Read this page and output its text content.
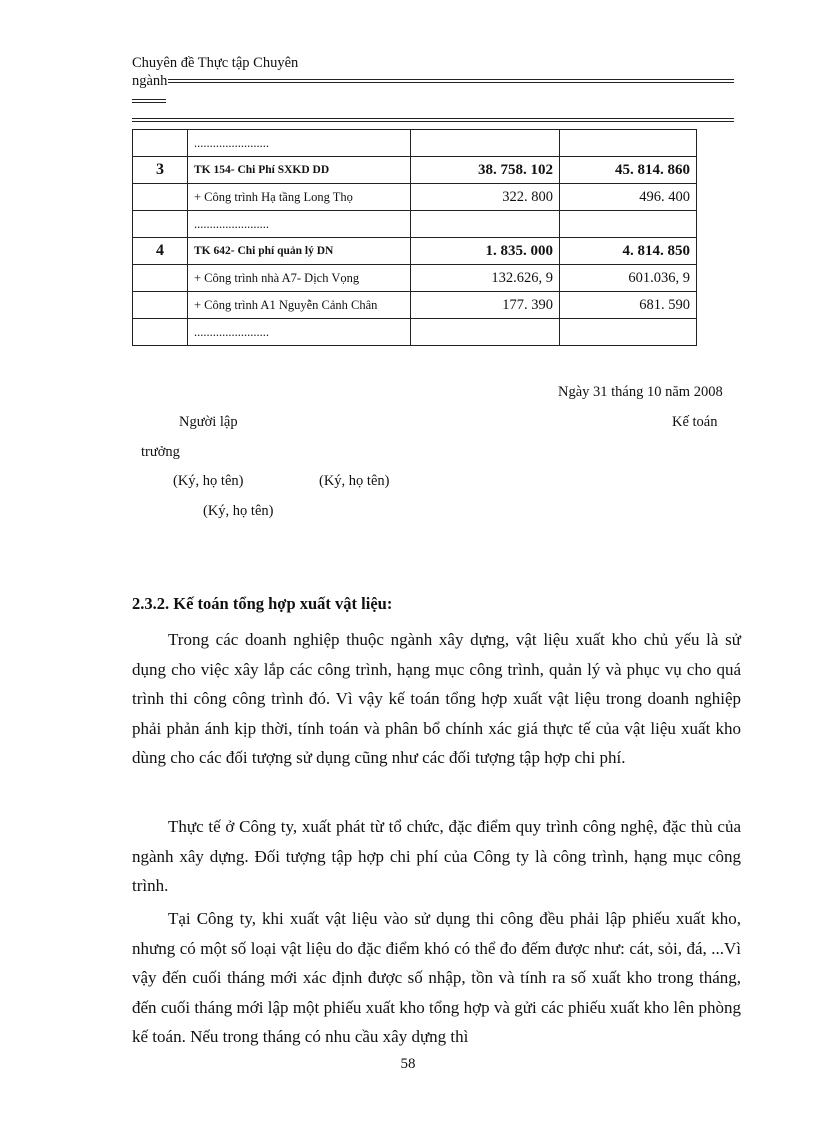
Chuyên đề Thực tập Chuyên
ngành
	........................		
3	TK 154- Chi Phí SXKD DD	38. 758. 102	45. 814. 860
	+ Công trình Hạ tầng Long Thọ	322. 800	496. 400
	........................		
4	TK 642- Chi phí quản lý DN	1. 835. 000	4. 814. 850
	+ Công trình nhà A7- Dịch Vọng	132.626, 9	601.036, 9
	+ Công trình A1 Nguyễn Cảnh Chân	177. 390	681. 590
	........................		
Ngày 31 tháng 10 năm 2008
Người lập	Kế toán
trưởng
(Ký, họ tên)	(Ký, họ tên)
(Ký, họ tên)
2.3.2. Kế toán tổng hợp xuất vật liệu:

Trong các doanh nghiệp thuộc ngành xây dựng, vật liệu xuất kho chủ yếu là sử dụng cho việc xây lắp các công trình, hạng mục công trình, quản lý và phục vụ cho quá trình thi công công trình đó. Vì vậy kế toán tổng hợp xuất vật liệu trong doanh nghiệp phải phản ánh kịp thời, tính toán và phân bổ chính xác giá thực tế của vật liệu xuất kho dùng cho các đối tượng sử dụng cũng như các đối tượng tập hợp chi phí.

Thực tế ở Công ty, xuất phát từ tổ chức, đặc điểm quy trình công nghệ, đặc thù của ngành xây dựng. Đối tượng tập hợp chi phí của Công ty là công trình, hạng mục công trình.

Tại Công ty, khi xuất vật liệu vào sử dụng thi công đều phải lập phiếu xuất kho, nhưng có một số loại vật liệu do đặc điểm khó có thể đo đếm được như: cát, sỏi, đá, ...Vì vậy đến cuối tháng mới xác định được số nhập, tồn và tính ra số xuất kho trong tháng, đến cuối tháng mới lập một phiếu xuất kho tổng hợp và gửi các phiếu xuất kho lên phòng kế toán. Nếu trong tháng có nhu cầu xây dựng thì

58
